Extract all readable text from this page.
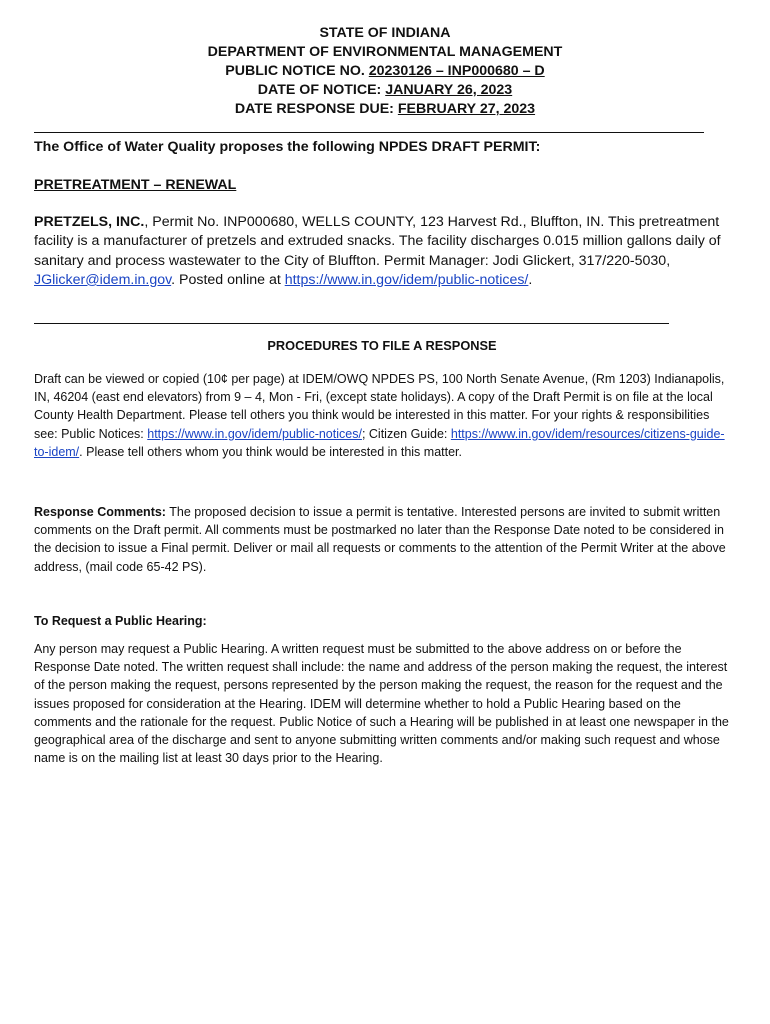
STATE OF INDIANA
DEPARTMENT OF ENVIRONMENTAL MANAGEMENT
PUBLIC NOTICE NO. 20230126 – INP000680 – D
DATE OF NOTICE: JANUARY 26, 2023
DATE RESPONSE DUE: FEBRUARY 27, 2023
The Office of Water Quality proposes the following NPDES DRAFT PERMIT:
PRETREATMENT – RENEWAL
PRETZELS, INC., Permit No. INP000680, WELLS COUNTY, 123 Harvest Rd., Bluffton, IN. This pretreatment facility is a manufacturer of pretzels and extruded snacks. The facility discharges 0.015 million gallons daily of sanitary and process wastewater to the City of Bluffton. Permit Manager: Jodi Glickert, 317/220-5030, JGlicker@idem.in.gov. Posted online at https://www.in.gov/idem/public-notices/.
PROCEDURES TO FILE A RESPONSE
Draft can be viewed or copied (10¢ per page) at IDEM/OWQ NPDES PS, 100 North Senate Avenue, (Rm 1203) Indianapolis, IN, 46204 (east end elevators) from 9 – 4, Mon - Fri, (except state holidays). A copy of the Draft Permit is on file at the local County Health Department. Please tell others you think would be interested in this matter. For your rights & responsibilities see: Public Notices: https://www.in.gov/idem/public-notices/; Citizen Guide: https://www.in.gov/idem/resources/citizens-guide-to-idem/. Please tell others whom you think would be interested in this matter.
Response Comments: The proposed decision to issue a permit is tentative. Interested persons are invited to submit written comments on the Draft permit. All comments must be postmarked no later than the Response Date noted to be considered in the decision to issue a Final permit. Deliver or mail all requests or comments to the attention of the Permit Writer at the above address, (mail code 65-42 PS).
To Request a Public Hearing:
Any person may request a Public Hearing. A written request must be submitted to the above address on or before the Response Date noted. The written request shall include: the name and address of the person making the request, the interest of the person making the request, persons represented by the person making the request, the reason for the request and the issues proposed for consideration at the Hearing. IDEM will determine whether to hold a Public Hearing based on the comments and the rationale for the request. Public Notice of such a Hearing will be published in at least one newspaper in the geographical area of the discharge and sent to anyone submitting written comments and/or making such request and whose name is on the mailing list at least 30 days prior to the Hearing.
